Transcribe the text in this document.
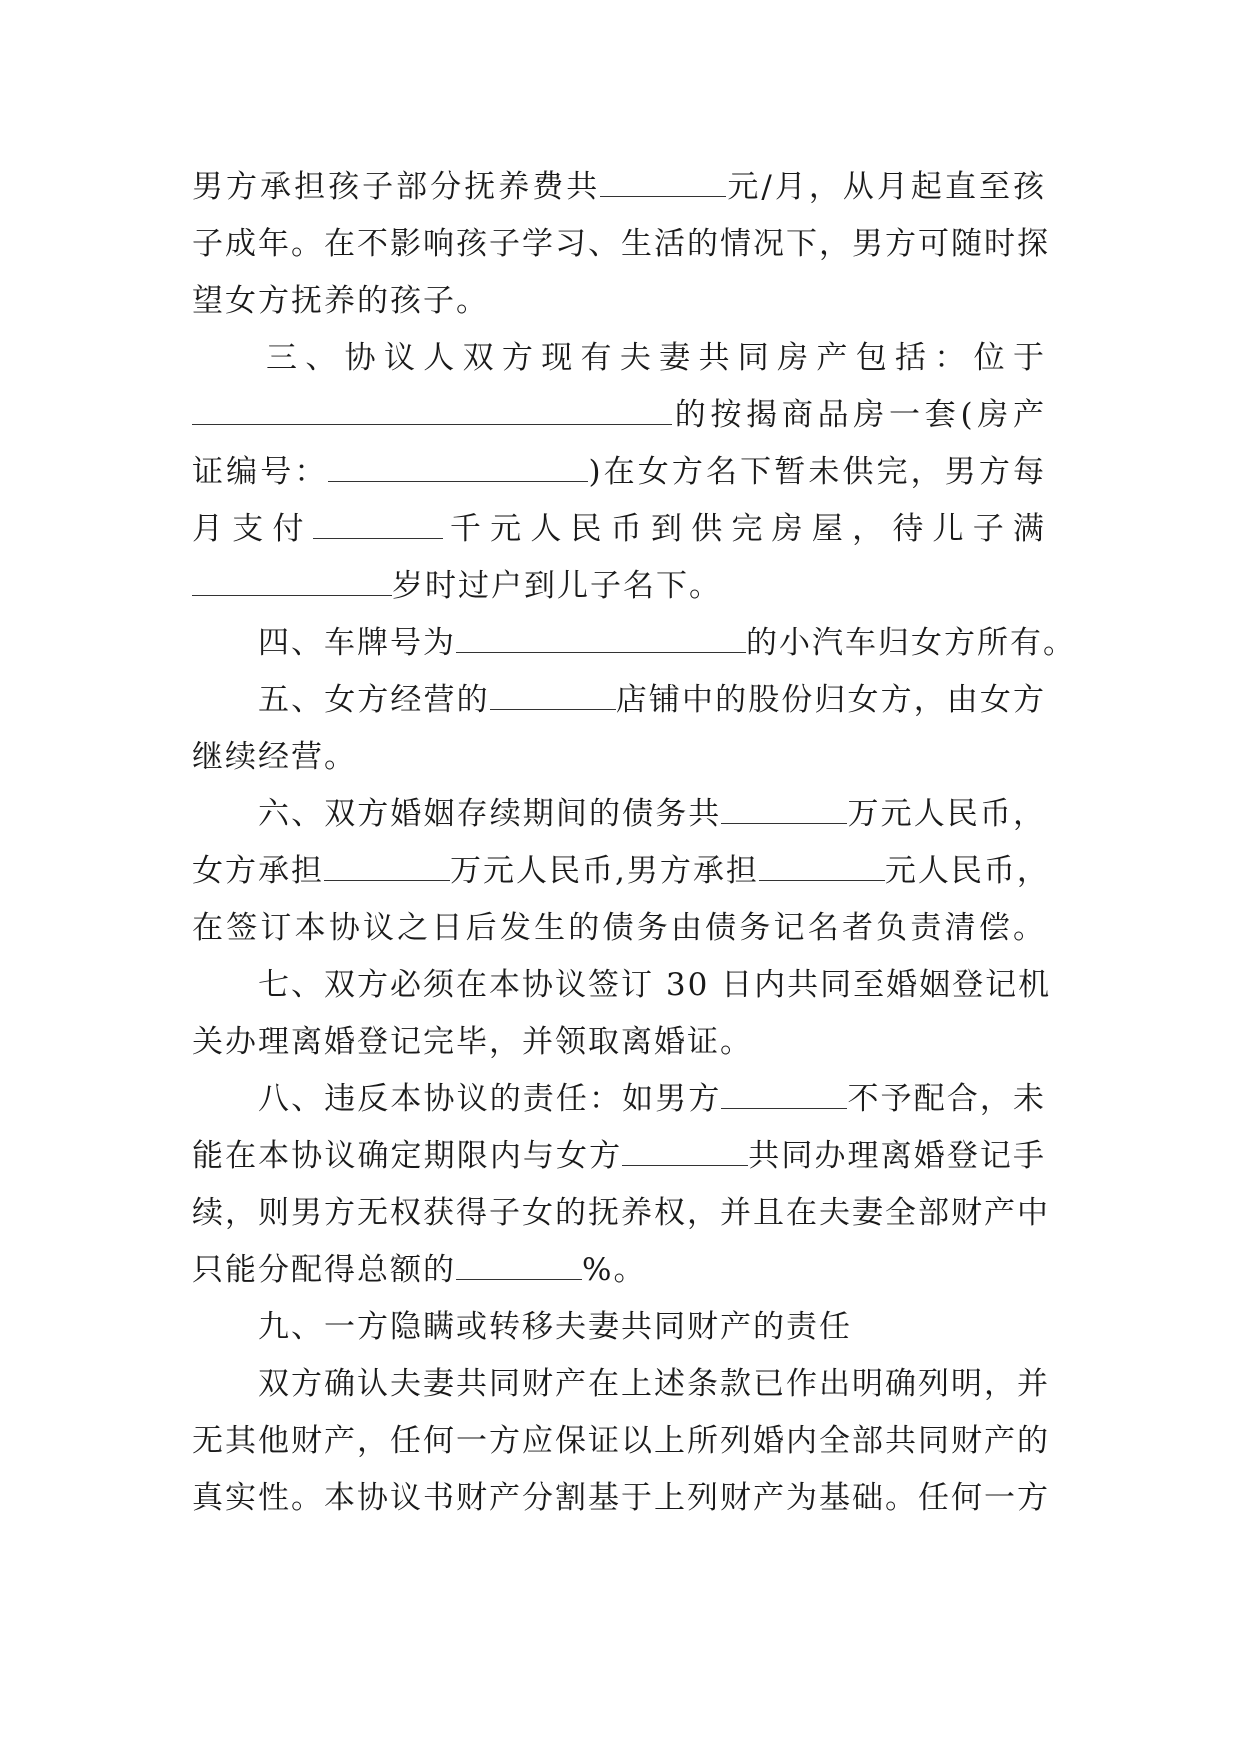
男方承担孩子部分抚养费共	元/月，从月起直至孩
子成年。在不影响孩子学习、生活的情况下，男方可随时探
望女方抚养的孩子。
三、协议人双方现有夫妻共同房产包括：位于
的按揭商品房一套(房产
证编号：	)在女方名下暂未供完，男方每
月支付	千元人民币到供完房屋，待儿子满
岁时过户到儿子名下。
四、车牌号为	的小汽车归女方所有。
五、女方经营的	店铺中的股份归女方，由女方
继续经营。
六、双方婚姻存续期间的债务共	万元人民币，
女方承担	万元人民币,男方承担	元人民币，
在签订本协议之日后发生的债务由债务记名者负责清偿。
七、双方必须在本协议签订 30 日内共同至婚姻登记机
关办理离婚登记完毕，并领取离婚证。
八、违反本协议的责任：如男方	不予配合，未
能在本协议确定期限内与女方	共同办理离婚登记手
续，则男方无权获得子女的抚养权，并且在夫妻全部财产中
只能分配得总额的	%。
九、一方隐瞒或转移夫妻共同财产的责任
双方确认夫妻共同财产在上述条款已作出明确列明，并
无其他财产，任何一方应保证以上所列婚内全部共同财产的
真实性。本协议书财产分割基于上列财产为基础。任何一方
